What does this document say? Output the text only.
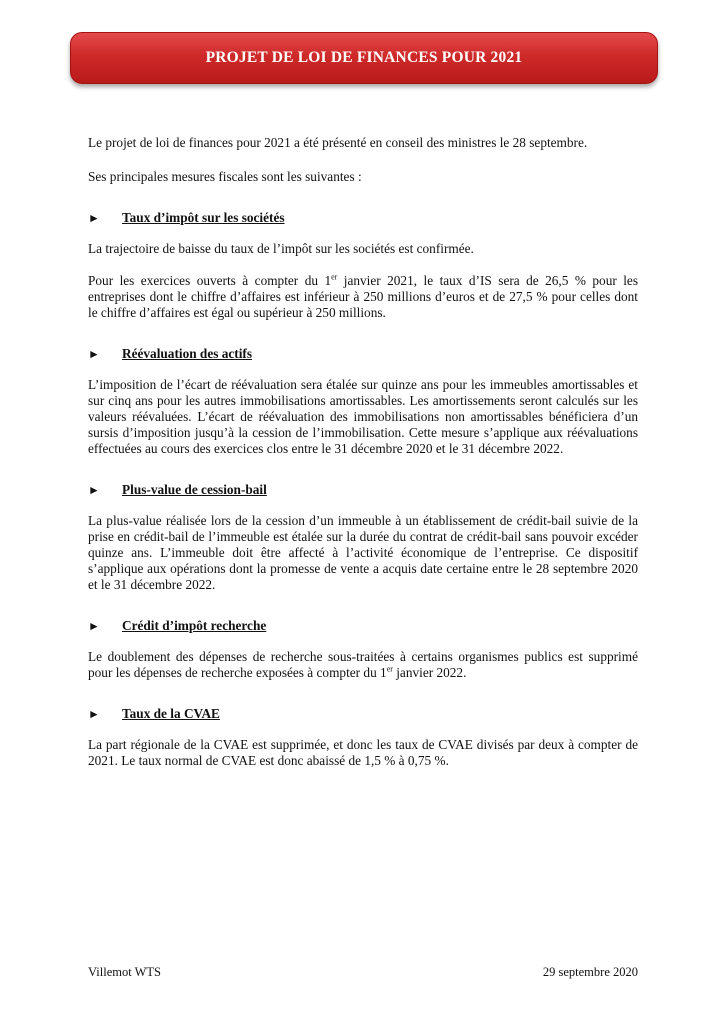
PROJET DE LOI DE FINANCES POUR 2021

Le projet de loi de finances pour 2021 a été présenté en conseil des ministres le 28 septembre.

Ses principales mesures fiscales sont les suivantes :

►	Taux d’impôt sur les sociétés

La trajectoire de baisse du taux de l’impôt sur les sociétés est confirmée.

Pour les exercices ouverts à compter du 1er janvier 2021, le taux d’IS sera de 26,5 % pour les entreprises dont le chiffre d’affaires est inférieur à 250 millions d’euros et de 27,5 % pour celles dont le chiffre d’affaires est égal ou supérieur à 250 millions.

►	Réévaluation des actifs

L’imposition de l’écart de réévaluation sera étalée sur quinze ans pour les immeubles amortissables et sur cinq ans pour les autres immobilisations amortissables. Les amortissements seront calculés sur les valeurs réévaluées. L’écart de réévaluation des immobilisations non amortissables bénéficiera d’un sursis d’imposition jusqu’à la cession de l’immobilisation. Cette mesure s’applique aux réévaluations effectuées au cours des exercices clos entre le 31 décembre 2020 et le 31 décembre 2022.

►	Plus-value de cession-bail

La plus-value réalisée lors de la cession d’un immeuble à un établissement de crédit-bail suivie de la prise en crédit-bail de l’immeuble est étalée sur la durée du contrat de crédit-bail sans pouvoir excéder quinze ans. L’immeuble doit être affecté à l’activité économique de l’entreprise. Ce dispositif s’applique aux opérations dont la promesse de vente a acquis date certaine entre le 28 septembre 2020 et le 31 décembre 2022.

►	Crédit d’impôt recherche

Le doublement des dépenses de recherche sous-traitées à certains organismes publics est supprimé pour les dépenses de recherche exposées à compter du 1er janvier 2022.

►	Taux de la CVAE

La part régionale de la CVAE est supprimée, et donc les taux de CVAE divisés par deux à compter de 2021. Le taux normal de CVAE est donc abaissé de 1,5 % à 0,75 %.

Villemot WTS	29 septembre 2020
